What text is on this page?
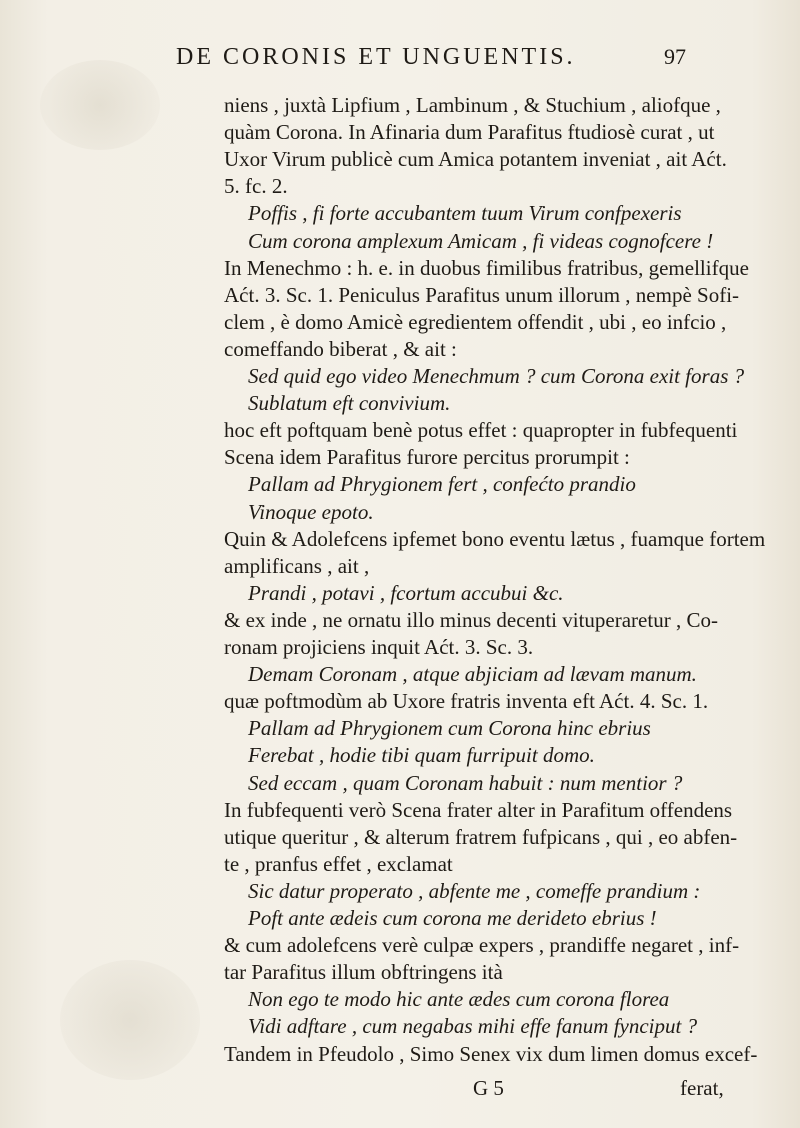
DE CORONIS ET UNGUENTIS.	97
niens , juxtà Lipfium , Lambinum , & Stuchium , aliofque ,
quàm Corona. In Afinaria dum Parafitus ftudiosè curat , ut
Uxor Virum publicè cum Amica potantem inveniat , ait Aćt.
5. fc. 2.
Poffis , fi forte accubantem tuum Virum confpexeris
Cum corona amplexum Amicam , fi videas cognofcere !
In Menechmo : h. e. in duobus fimilibus fratribus, gemellifque
Aćt. 3. Sc. 1. Peniculus Parafitus unum illorum , nempè Sofi-
clem , è domo Amicè egredientem offendit , ubi , eo infcio ,
comeffando biberat , & ait :
Sed quid ego video Menechmum ? cum Corona exit foras ?
Sublatum eft convivium.
hoc eft poftquam benè potus effet : quapropter in fubfequenti
Scena idem Parafitus furore percitus prorumpit :
Pallam ad Phrygionem fert , confećto prandio
Vinoque epoto.
Quin & Adolefcens ipfemet bono eventu lætus , fuamque fortem
amplificans , ait ,
Prandi , potavi , fcortum accubui &c.
& ex inde , ne ornatu illo minus decenti vituperaretur , Co-
ronam projiciens inquit Aćt. 3. Sc. 3.
Demam Coronam , atque abjiciam ad lævam manum.
quæ poftmodùm ab Uxore fratris inventa eft Aćt. 4. Sc. 1.
Pallam ad Phrygionem cum Corona hinc ebrius
Ferebat , hodie tibi quam furripuit domo.
Sed eccam , quam Coronam habuit : num mentior ?
In fubfequenti verò Scena frater alter in Parafitum offendens
utique queritur , & alterum fratrem fufpicans , qui , eo abfen-
te , pranfus effet , exclamat
Sic datur properato , abfente me , comeffe prandium :
Poft ante ædeis cum corona me derideto ebrius !
& cum adolefcens verè culpæ expers , prandiffe negaret , inf-
tar Parafitus illum obftringens ità
Non ego te modo hic ante ædes cum corona florea
Vidi adftare , cum negabas mihi effe fanum fynciput ?
Tandem in Pfeudolo , Simo Senex vix dum limen domus excef-
G 5	ferat,
